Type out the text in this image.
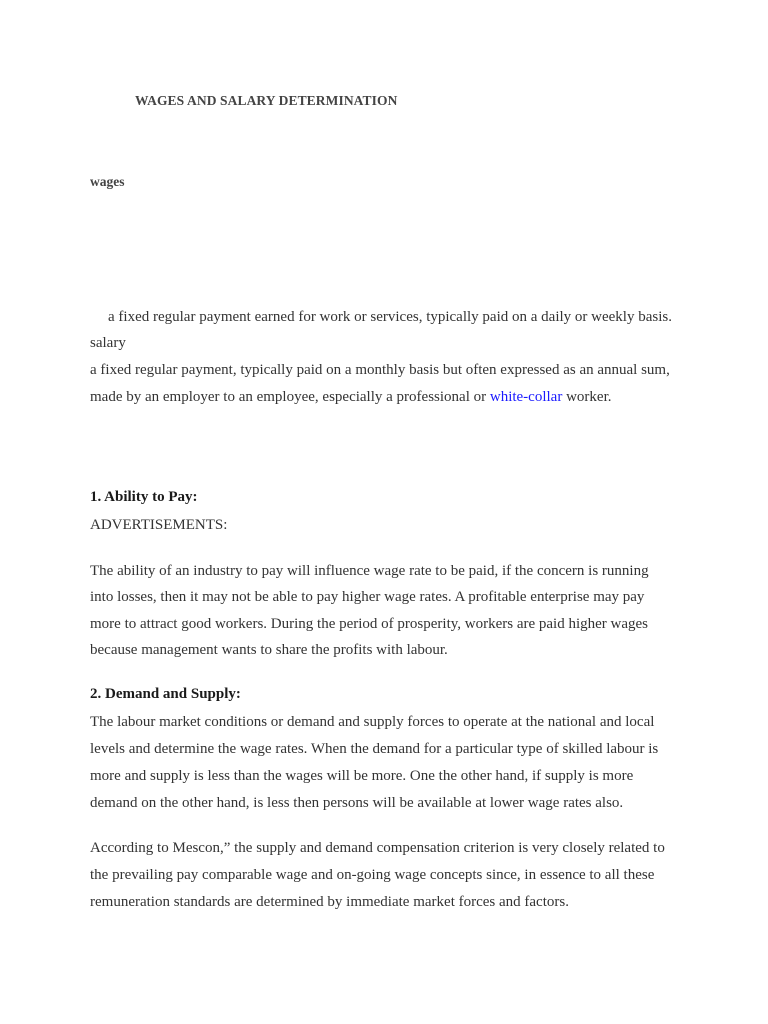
WAGES AND SALARY DETERMINATION
wages
a fixed regular payment earned for work or services, typically paid on a daily or weekly basis.
salary
a fixed regular payment, typically paid on a monthly basis but often expressed as an annual sum,
made by an employer to an employee, especially a professional or white-collar worker.
1. Ability to Pay:
ADVERTISEMENTS:
The ability of an industry to pay will influence wage rate to be paid, if the concern is running
into losses, then it may not be able to pay higher wage rates. A profitable enterprise may pay
more to attract good workers. During the period of prosperity, workers are paid higher wages
because management wants to share the profits with labour.
2. Demand and Supply:
The labour market conditions or demand and supply forces to operate at the national and local
levels and determine the wage rates. When the demand for a particular type of skilled labour is
more and supply is less than the wages will be more. One the other hand, if supply is more
demand on the other hand, is less then persons will be available at lower wage rates also.
According to Mescon,” the supply and demand compensation criterion is very closely related to
the prevailing pay comparable wage and on-going wage concepts since, in essence to all these
remuneration standards are determined by immediate market forces and factors.
